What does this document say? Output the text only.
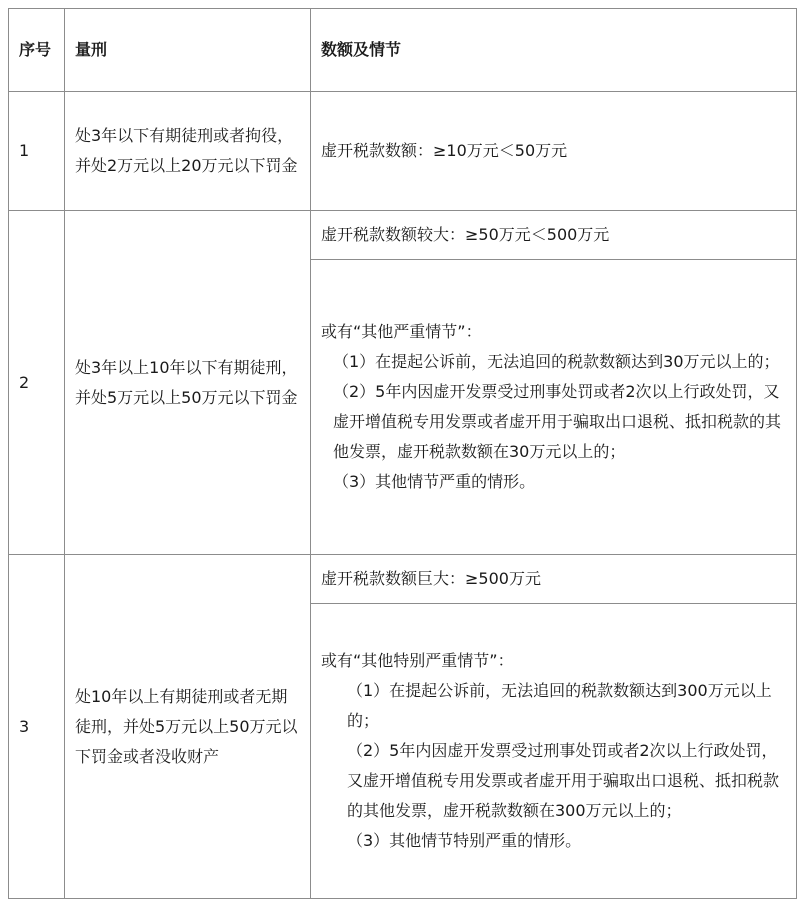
序号	量刑	数额及情节
1	处3年以下有期徒刑或者拘役，并处2万元以上20万元以下罚金	虚开税款数额：≥10万元＜50万元
2	处3年以上10年以下有期徒刑，并处5万元以上50万元以下罚金	虚开税款数额较大：≥50万元＜500万元

		或有“其他严重情节”：

（1）在提起公诉前，无法追回的税款数额达到30万元以上的；

（2）5年内因虚开发票受过刑事处罚或者2次以上行政处罚，又虚开增值税专用发票或者虚开用于骗取出口退税、抵扣税款的其他发票，虚开税款数额在30万元以上的；

（3）其他情节严重的情形。

3	处10年以上有期徒刑或者无期徒刑，并处5万元以上50万元以下罚金或者没收财产	虚开税款数额巨大：≥500万元

		或有“其他特别严重情节”：

（1）在提起公诉前，无法追回的税款数额达到300万元以上的；

（2）5年内因虚开发票受过刑事处罚或者2次以上行政处罚，又虚开增值税专用发票或者虚开用于骗取出口退税、抵扣税款的其他发票，虚开税款数额在300万元以上的；

（3）其他情节特别严重的情形。
